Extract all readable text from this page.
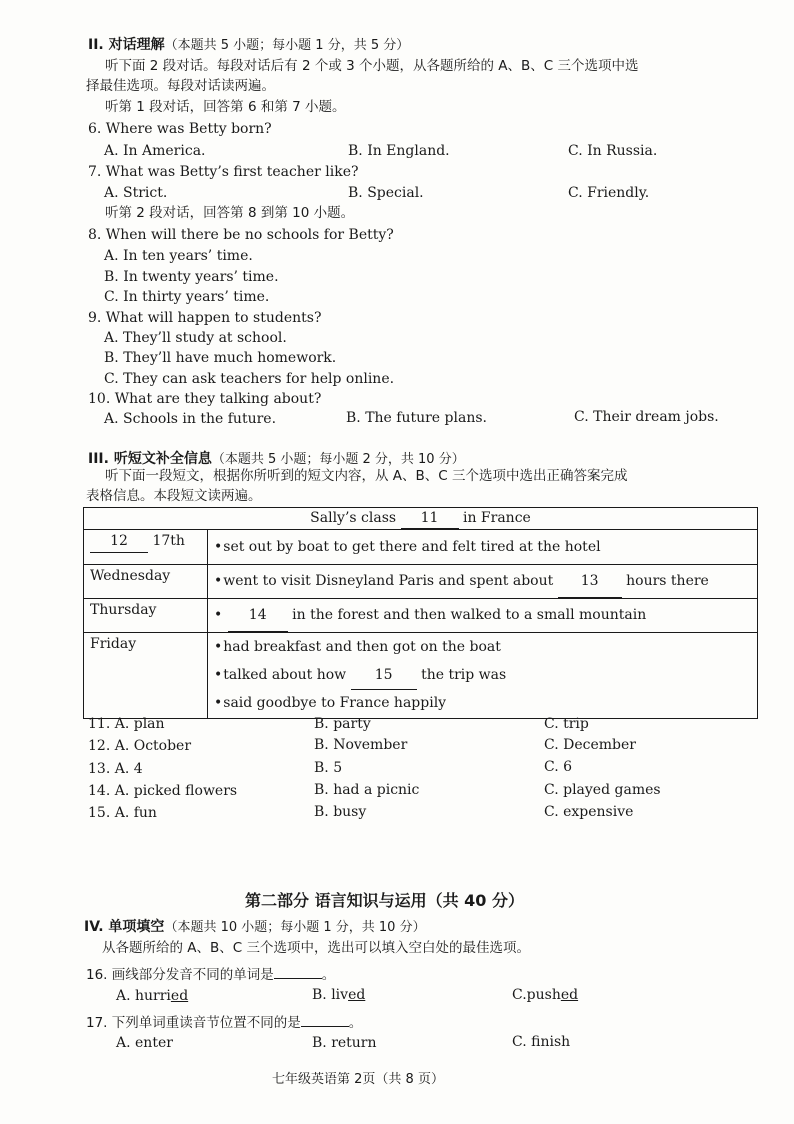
II. 对话理解（本题共 5 小题；每小题 1 分，共 5 分）
听下面 2 段对话。每段对话后有 2 个或 3 个小题，从各题所给的 A、B、C 三个选项中选
择最佳选项。每段对话读两遍。
听第 1 段对话，回答第 6 和第 7 小题。
6. Where was Betty born?
A. In America.	B. In England.	C. In Russia.
7. What was Betty’s first teacher like?
A. Strict.	B. Special.	C. Friendly.
听第 2 段对话，回答第 8 到第 10 小题。
8. When will there be no schools for Betty?
A. In ten years’ time.
B. In twenty years’ time.
C. In thirty years’ time.
9. What will happen to students?
A. They’ll study at school.
B. They’ll have much homework.
C. They can ask teachers for help online.
10. What are they talking about?
A. Schools in the future.	B. The future plans.	C. Their dream jobs.
III. 听短文补全信息（本题共 5 小题；每小题 2 分，共 10 分）
听下面一段短文，根据你所听到的短文内容，从 A、B、C 三个选项中选出正确答案完成
表格信息。本段短文读两遍。
Sally’s class 11 in France	
12 17th	• set out by boat to get there and felt tired at the hotel
Wednesday	• went to visit Disneyland Paris and spent about 13 hours there
Thursday	•14 in the forest and then walked to a small mountain
Friday	• had breakfast and then got on the boat
• talked about how 15 the trip was
• said goodbye to France happily
11. A. plan	B. party	C. trip
12. A. October	B. November	C. December
13. A. 4	B. 5	C. 6
14. A. picked flowers	B. had a picnic	C. played games
15. A. fun	B. busy	C. expensive
第二部分 语言知识与运用（共 40 分）
IV. 单项填空（本题共 10 小题；每小题 1 分，共 10 分）
从各题所给的 A、B、C 三个选项中，选出可以填入空白处的最佳选项。
16. 画线部分发音不同的单词是	。
A. hurried	B. lived	C.pushed
17. 下列单词重读音节位置不同的是	。
A. enter	B. return	C. finish
七年级英语第 2页（共 8 页）
